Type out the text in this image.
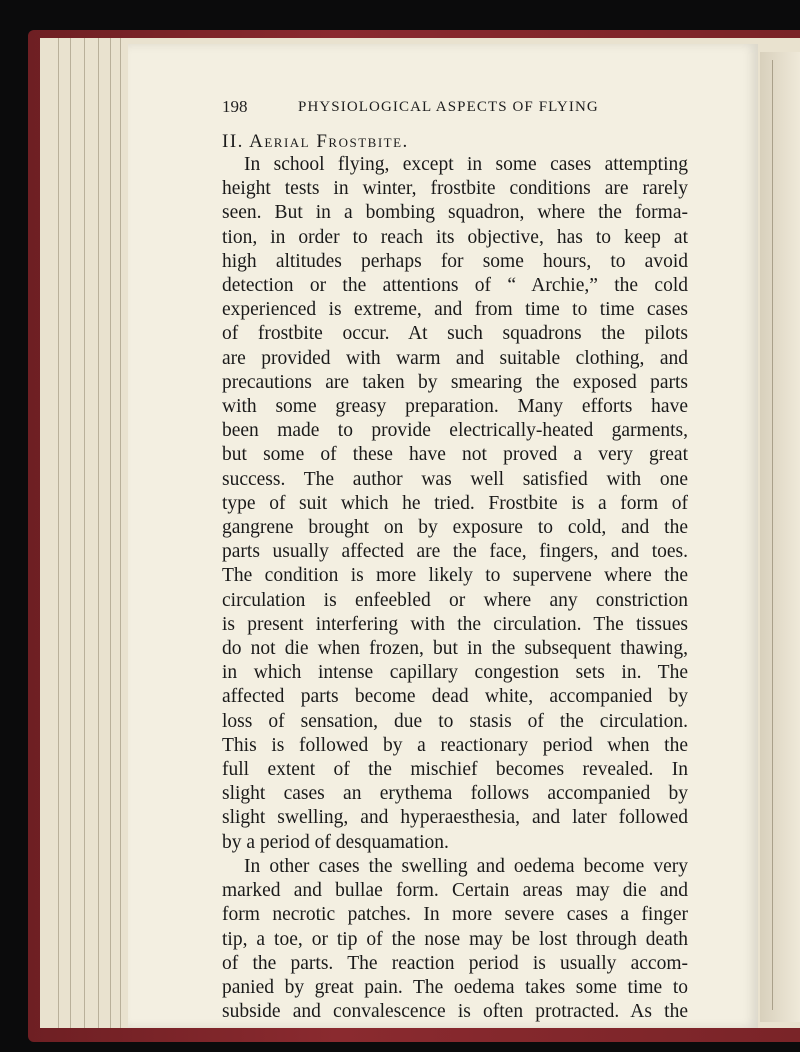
198	PHYSIOLOGICAL ASPECTS OF FLYING
II. Aerial Frostbite.
In school flying, except in some cases attempting
height tests in winter, frostbite conditions are rarely
seen. But in a bombing squadron, where the forma-
tion, in order to reach its objective, has to keep at
high altitudes perhaps for some hours, to avoid
detection or the attentions of “ Archie,” the cold
experienced is extreme, and from time to time cases
of frostbite occur. At such squadrons the pilots
are provided with warm and suitable clothing, and
precautions are taken by smearing the exposed parts
with some greasy preparation. Many efforts have
been made to provide electrically-heated garments,
but some of these have not proved a very great
success. The author was well satisfied with one
type of suit which he tried. Frostbite is a form of
gangrene brought on by exposure to cold, and the
parts usually affected are the face, fingers, and toes.
The condition is more likely to supervene where the
circulation is enfeebled or where any constriction
is present interfering with the circulation. The tissues
do not die when frozen, but in the subsequent thawing,
in which intense capillary congestion sets in. The
affected parts become dead white, accompanied by
loss of sensation, due to stasis of the circulation.
This is followed by a reactionary period when the
full extent of the mischief becomes revealed. In
slight cases an erythema follows accompanied by
slight swelling, and hyperaesthesia, and later followed
by a period of desquamation.
In other cases the swelling and oedema become very
marked and bullae form. Certain areas may die and
form necrotic patches. In more severe cases a finger
tip, a toe, or tip of the nose may be lost through death
of the parts. The reaction period is usually accom-
panied by great pain. The oedema takes some time to
subside and convalescence is often protracted. As the
